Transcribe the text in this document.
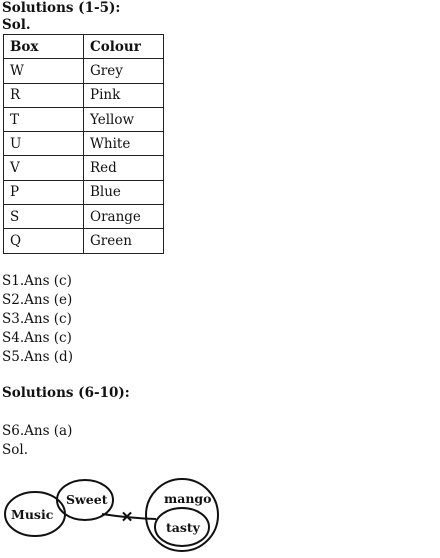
Solutions (1-5):
Sol.
Box	Colour
W	Grey
R	Pink
T	Yellow
U	White
V	Red
P	Blue
S	Orange
Q	Green
S1.Ans (c)
S2.Ans (e)
S3.Ans (c)
S4.Ans (c)
S5.Ans (d)
Solutions (6-10):
S6.Ans (a)
Sol.
✕
Music
Sweet	mango
tasty
